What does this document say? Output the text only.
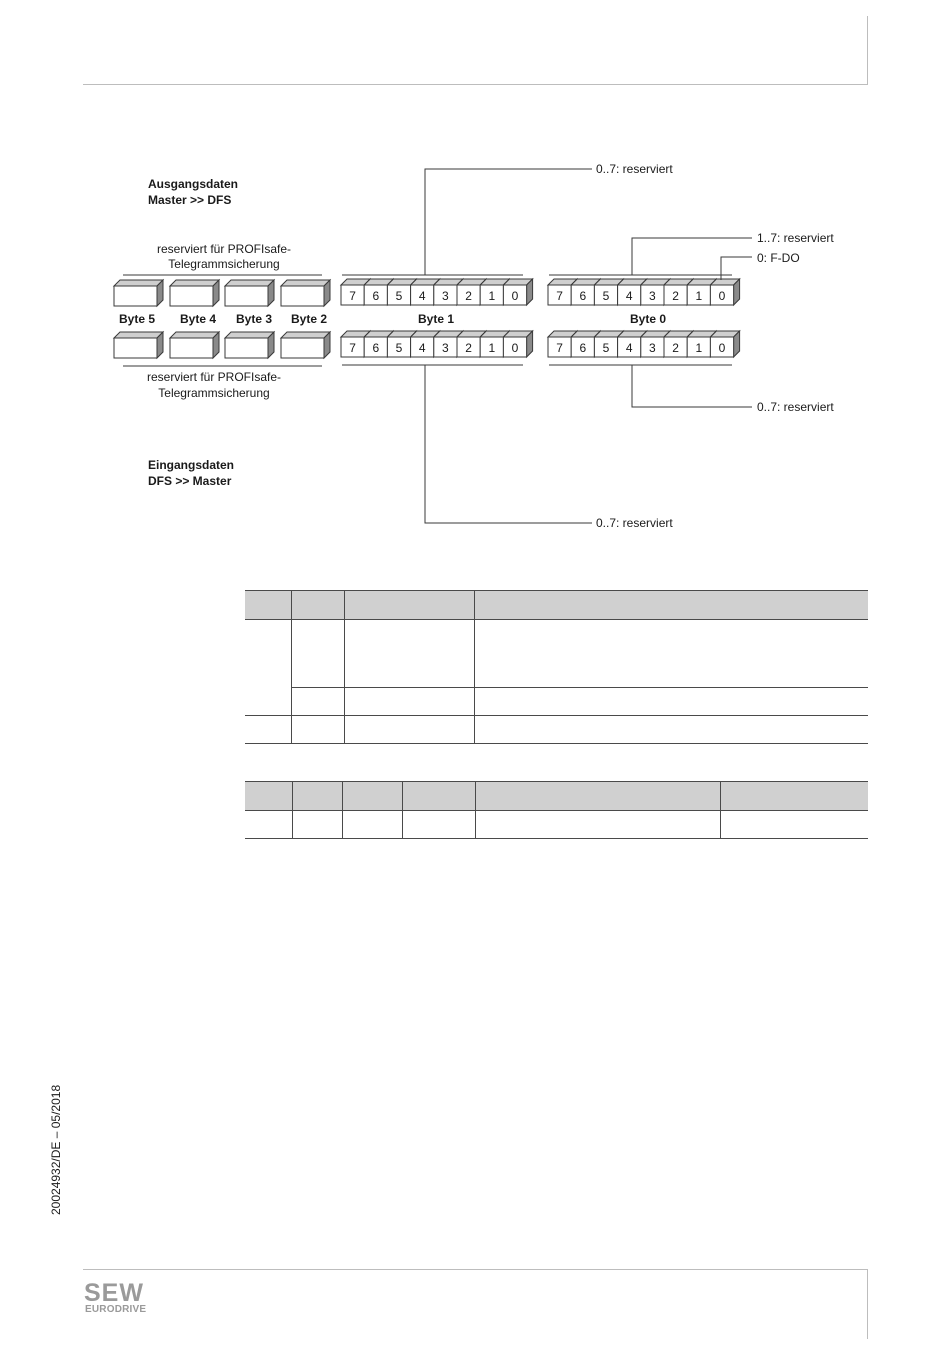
7 6 5 4 3 2 1 0	7 6 5 4 3 2 1 0
7 6 5 4 3 2 1 0	7 6 5 4 3 2 1 0
Ausgangsdaten
Master >> DFS
Eingangsdaten
DFS >> Master
reserviert für PROFIsafe-
Telegrammsicherung
reserviert für PROFIsafe-
Telegrammsicherung
Byte 5 Byte 4 Byte 3 Byte 2	Byte 1	Byte 0
0..7: reserviert
1..7: reserviert
0: F-DO
0..7: reserviert
0..7: reserviert

20024932/DE – 05/2018
SEW
EURODRIVE
